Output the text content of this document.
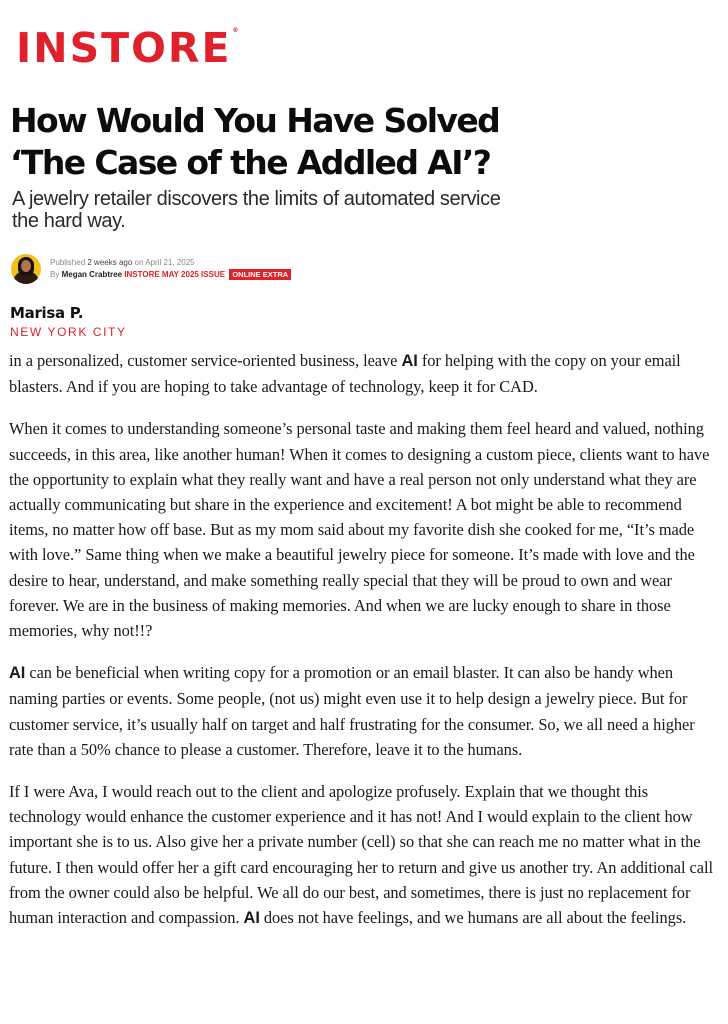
INSTORE®
How Would You Have Solved
‘The Case of the Addled AI’?
A jewelry retailer discovers the limits of automated service the hard way.
Published 2 weeks ago on April 21, 2025
By Megan Crabtree INSTORE MAY 2025 ISSUE ONLINE EXTRA
Marisa P.
NEW YORK CITY

in a personalized, customer service-oriented business, leave AI for helping with the copy on your email blasters. And if you are hoping to take advantage of technology, keep it for CAD.

When it comes to understanding someone’s personal taste and making them feel heard and valued, nothing succeeds, in this area, like another human! When it comes to designing a custom piece, clients want to have the opportunity to explain what they really want and have a real person not only understand what they are actually communicating but share in the experience and excitement! A bot might be able to recommend items, no matter how off base. But as my mom said about my favorite dish she cooked for me, “It’s made with love.” Same thing when we make a beautiful jewelry piece for someone. It’s made with love and the desire to hear, understand, and make something really special that they will be proud to own and wear forever. We are in the business of making memories. And when we are lucky enough to share in those memories, why not!!?

AI can be beneficial when writing copy for a promotion or an email blaster. It can also be handy when naming parties or events. Some people, (not us) might even use it to help design a jewelry piece. But for customer service, it’s usually half on target and half frustrating for the consumer. So, we all need a higher rate than a 50% chance to please a customer. Therefore, leave it to the humans.

If I were Ava, I would reach out to the client and apologize profusely. Explain that we thought this technology would enhance the customer experience and it has not! And I would explain to the client how important she is to us. Also give her a private number (cell) so that she can reach me no matter what in the future. I then would offer her a gift card encouraging her to return and give us another try. An additional call from the owner could also be helpful. We all do our best, and sometimes, there is just no replacement for human interaction and compassion. AI does not have feelings, and we humans are all about the feelings.
